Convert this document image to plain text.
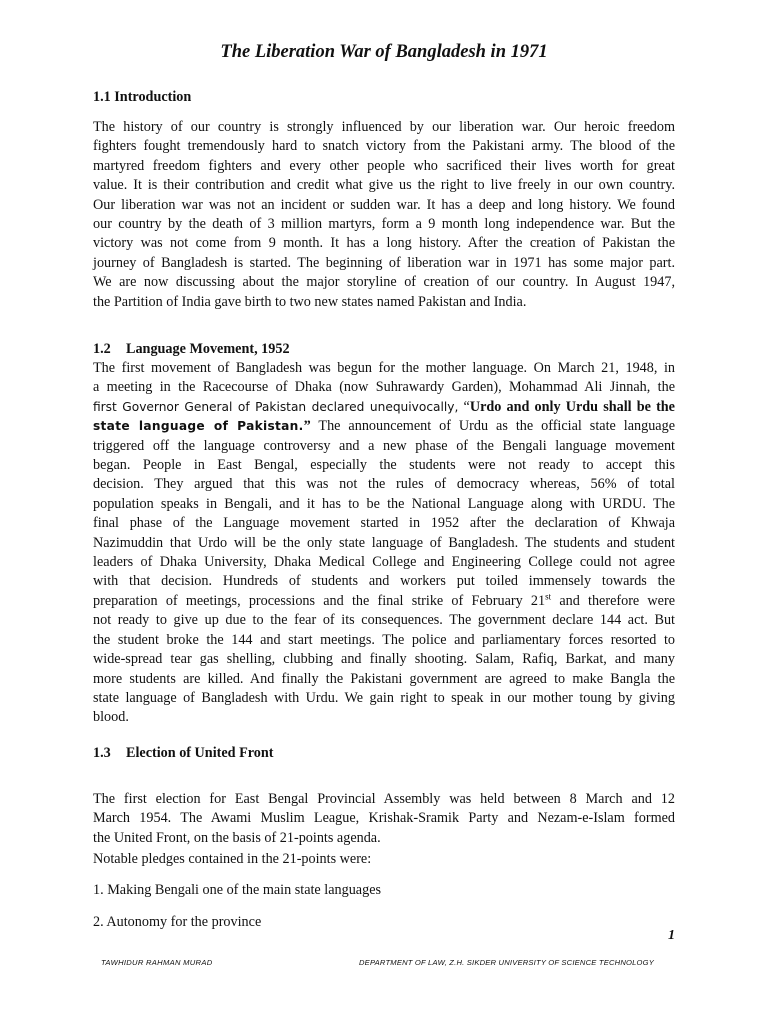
The Liberation War of Bangladesh in 1971
1.1 Introduction
The history of our country is strongly influenced by our liberation war. Our heroic freedom
fighters fought tremendously hard to snatch victory from the Pakistani army. The blood of the
martyred freedom fighters and every other people who sacrificed their lives worth for great
value. It is their contribution and credit what give us the right to live freely in our own country.
Our liberation war was not an incident or sudden war. It has a deep and long history. We found
our country by the death of 3 million martyrs, form a 9 month long independence war. But the
victory was not come from 9 month. It has a long history. After the creation of Pakistan the
journey of Bangladesh is started. The beginning of liberation war in 1971 has some major part.
We are now discussing about the major storyline of creation of our country. In August 1947,
the Partition of India gave birth to two new states named Pakistan and India.
1.2 Language Movement, 1952
The first movement of Bangladesh was begun for the mother language. On March 21, 1948, in
a meeting in the Racecourse of Dhaka (now Suhrawardy Garden), Mohammad Ali Jinnah, the
first Governor General of Pakistan declared unequivocally, “Urdo and only Urdu shall be the
state language of Pakistan.” The announcement of Urdu as the official state language
triggered off the language controversy and a new phase of the Bengali language movement
began. People in East Bengal, especially the students were not ready to accept this
decision. They argued that this was not the rules of democracy whereas, 56% of total
population speaks in Bengali, and it has to be the National Language along with URDU. The
final phase of the Language movement started in 1952 after the declaration of Khwaja
Nazimuddin that Urdo will be the only state language of Bangladesh. The students and student
leaders of Dhaka University, Dhaka Medical College and Engineering College could not agree
with that decision. Hundreds of students and workers put toiled immensely towards the
preparation of meetings, processions and the final strike of February 21st and therefore were
not ready to give up due to the fear of its consequences. The government declare 144 act. But
the student broke the 144 and start meetings. The police and parliamentary forces resorted to
wide-spread tear gas shelling, clubbing and finally shooting. Salam, Rafiq, Barkat, and many
more students are killed. And finally the Pakistani government are agreed to make Bangla the
state language of Bangladesh with Urdu. We gain right to speak in our mother toung by giving
blood.
1.3 Election of United Front
The first election for East Bengal Provincial Assembly was held between 8 March and 12
March 1954. The Awami Muslim League, Krishak-Sramik Party and Nezam-e-Islam formed
the United Front, on the basis of 21-points agenda.

Notable pledges contained in the 21-points were:

1. Making Bengali one of the main state languages

2. Autonomy for the province

1
TAWHIDUR RAHMAN MURAD	DEPARTMENT OF LAW, Z.H. SIKDER UNIVERSITY OF SCIENCE TECHNOLOGY
